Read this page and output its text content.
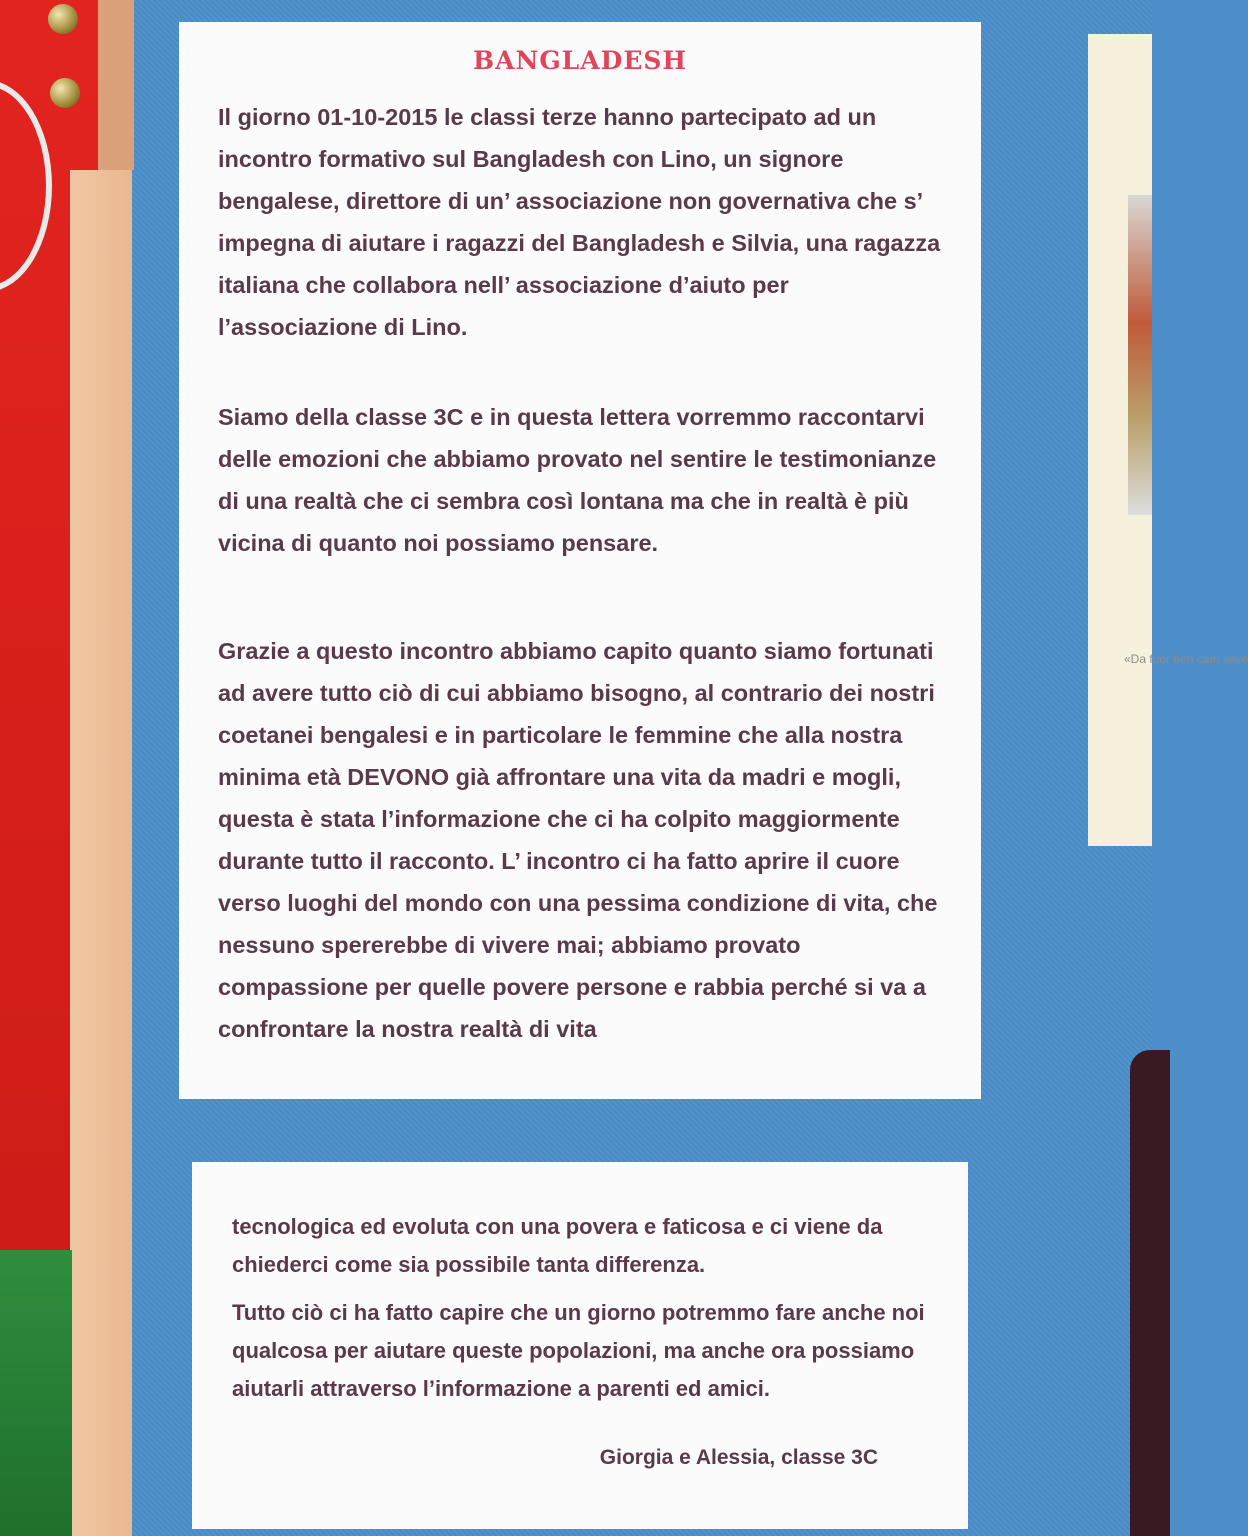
«Da fuor ben cam save
BANGLADESH
Il giorno 01-10-2015 le classi terze hanno partecipato ad un incontro formativo sul Bangladesh con Lino, un signore bengalese, direttore di un’ associazione non governativa che s’ impegna di aiutare i ragazzi del Bangladesh e Silvia, una ragazza italiana che collabora nell’ associazione d’aiuto per l’associazione di Lino.
Siamo della classe 3C e in questa lettera vorremmo raccontarvi delle emozioni che abbiamo provato nel sentire le testimonianze di una realtà che ci sembra così lontana ma che in realtà è più vicina di quanto noi possiamo pensare.
Grazie a questo incontro abbiamo capito quanto siamo fortunati ad avere tutto ciò di cui abbiamo bisogno, al contrario dei nostri coetanei bengalesi e in particolare le femmine che alla nostra minima età DEVONO già affrontare una vita da madri e mogli, questa è stata l’informazione che ci ha colpito maggiormente durante tutto il racconto. L’ incontro ci ha fatto aprire il cuore verso luoghi del mondo con una pessima condizione di vita, che nessuno spererebbe di vivere mai; abbiamo provato compassione per quelle povere persone e rabbia perché si va a confrontare la nostra realtà di vita
tecnologica ed evoluta con una povera e faticosa e ci viene da chiederci come sia possibile tanta differenza.
Tutto ciò ci ha fatto capire che un giorno potremmo fare anche noi qualcosa per aiutare queste popolazioni, ma anche ora possiamo aiutarli attraverso l’informazione a parenti ed amici.
Giorgia e Alessia, classe 3C
